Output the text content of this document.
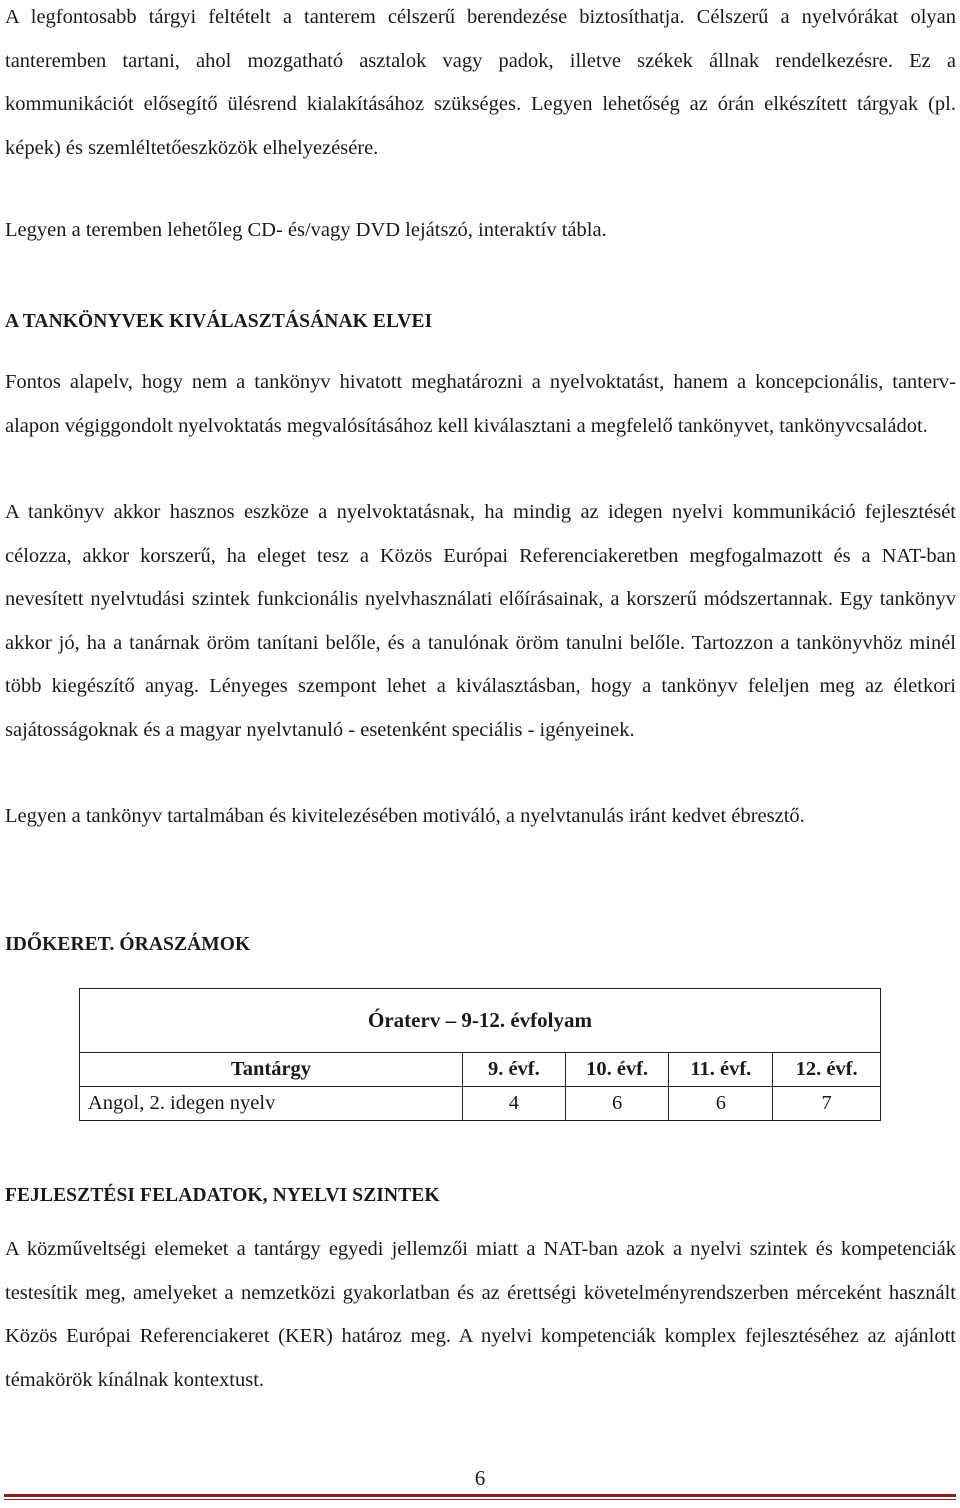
A legfontosabb tárgyi feltételt a tanterem célszerű berendezése biztosíthatja. Célszerű a nyelvórákat olyan tanteremben tartani, ahol mozgatható asztalok vagy padok, illetve székek állnak rendelkezésre. Ez a kommunikációt elősegítő ülésrend kialakításához szükséges. Legyen lehetőség az órán elkészített tárgyak (pl. képek) és szemléltetőeszközök elhelyezésére.

Legyen a teremben lehetőleg CD- és/vagy DVD lejátszó, interaktív tábla.

A TANKÖNYVEK KIVÁLASZTÁSÁNAK ELVEI

Fontos alapelv, hogy nem a tankönyv hivatott meghatározni a nyelvoktatást, hanem a koncepcionális, tanterv-alapon végiggondolt nyelvoktatás megvalósításához kell kiválasztani a megfelelő tankönyvet, tankönyvcsaládot.

A tankönyv akkor hasznos eszköze a nyelvoktatásnak, ha mindig az idegen nyelvi kommunikáció fejlesztését célozza, akkor korszerű, ha eleget tesz a Közös Európai Referenciakeretben megfogalmazott és a NAT-ban nevesített nyelvtudási szintek funkcionális nyelvhasználati előírásainak, a korszerű módszertannak. Egy tankönyv akkor jó, ha a tanárnak öröm tanítani belőle, és a tanulónak öröm tanulni belőle. Tartozzon a tankönyvhöz minél több kiegészítő anyag. Lényeges szempont lehet a kiválasztásban, hogy a tankönyv feleljen meg az életkori sajátosságoknak és a magyar nyelvtanuló - esetenként speciális - igényeinek.

Legyen a tankönyv tartalmában és kivitelezésében motiváló, a nyelvtanulás iránt kedvet ébresztő.

IDŐKERET. ÓRASZÁMOK
Óraterv – 9-12. évfolyam				
Tantárgy	9. évf.	10. évf.	11. évf.	12. évf.
Angol, 2. idegen nyelv	4	6	6	7
FEJLESZTÉSI FELADATOK, NYELVI SZINTEK

A közműveltségi elemeket a tantárgy egyedi jellemzői miatt a NAT-ban azok a nyelvi szintek és kompetenciák testesítik meg, amelyeket a nemzetközi gyakorlatban és az érettségi követelményrendszerben mérceként használt Közös Európai Referenciakeret (KER) határoz meg. A nyelvi kompetenciák komplex fejlesztéséhez az ajánlott témakörök kínálnak kontextust.

6
